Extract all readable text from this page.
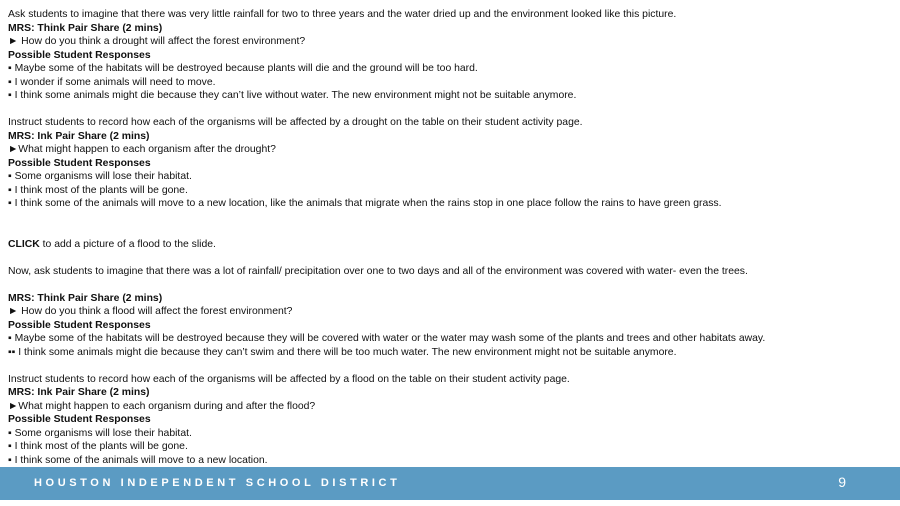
Ask students to imagine that there was very little rainfall for two to three years and the water dried up and the environment looked like this picture.
MRS: Think Pair Share (2 mins)
► How do you think a drought will affect the forest environment?
Possible Student Responses
▪ Maybe some of the habitats will be destroyed because plants will die and the ground will be too hard.
▪ I wonder if some animals will need to move.
▪ I think some animals might die because they can’t live without water. The new environment might not be suitable anymore.
Instruct students to record how each of the organisms will be affected by a drought on the table on their student activity page.
MRS: Ink Pair Share (2 mins)
►What might happen to each organism after the drought?
Possible Student Responses
▪ Some organisms will lose their habitat.
▪ I think most of the plants will be gone.
▪ I think some of the animals will move to a new location, like the animals that migrate when the rains stop in one place follow the rains to have green grass.
CLICK to add a picture of a flood to the slide.
Now, ask students to imagine that there was a lot of rainfall/ precipitation over one to two days and all of the environment was covered with water- even the trees.
MRS: Think Pair Share (2 mins)
► How do you think a flood will affect the forest environment?
Possible Student Responses
▪ Maybe some of the habitats will be destroyed because they will be covered with water or the water may wash some of the plants and trees and other habitats away.
▪▪ I think some animals might die because they can’t swim and there will be too much water. The new environment might not be suitable anymore.
Instruct students to record how each of the organisms will be affected by a flood on the table on their student activity page.
MRS: Ink Pair Share (2 mins)
►What might happen to each organism during and after the flood?
Possible Student Responses
▪ Some organisms will lose their habitat.
▪ I think most of the plants will be gone.
▪ I think some of the animals will move to a new location.
HOUSTON INDEPENDENT SCHOOL DISTRICT	9
